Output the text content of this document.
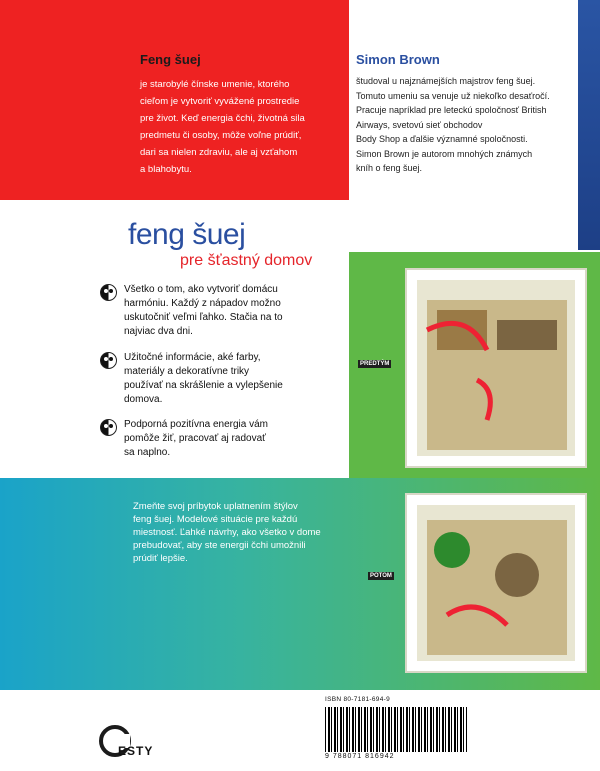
Feng šuej
je starobylé čínske umenie, ktorého
cieľom je vytvoriť vyvážené prostredie
pre život. Keď energia čchi, životná sila
predmetu či osoby, môže voľne prúdiť,
dari sa nielen zdraviu, ale aj vzťahom
a blahobytu.
Simon Brown
študoval u najznámejších majstrov feng šuej.
Tomuto umeniu sa venuje už niekoľko desaťročí.
Pracuje napríklad pre leteckú spoločnosť British
Airways, svetovú sieť obchodov
Body Shop a ďalšie významné spoločnosti.
Simon Brown je autorom mnohých známych
kníh o feng šuej.
feng šuej
pre šťastný domov
Všetko o tom, ako vytvoriť domácu
harmóniu. Každý z nápadov možno
uskutočniť veľmi ľahko. Stačia na to
najviac dva dni.
Užitočné informácie, aké farby,
materiály a dekoratívne triky
používať na skrášlenie a vylepšenie
domova.
Podporná pozitívna energia vám
pomôže žiť, pracovať aj radovať
sa naplno.
Zmeňte svoj príbytok uplatnením štýlov
feng šuej. Modelové situácie pre každú
miestnosť. Ľahké návrhy, ako všetko v dome
prebudovať, aby ste energii čchi umožnili
prúdiť lepšie.
PREDTÝM
POTOM
ISBN 80-7181-694-9
9 788071 816942
ESTY
